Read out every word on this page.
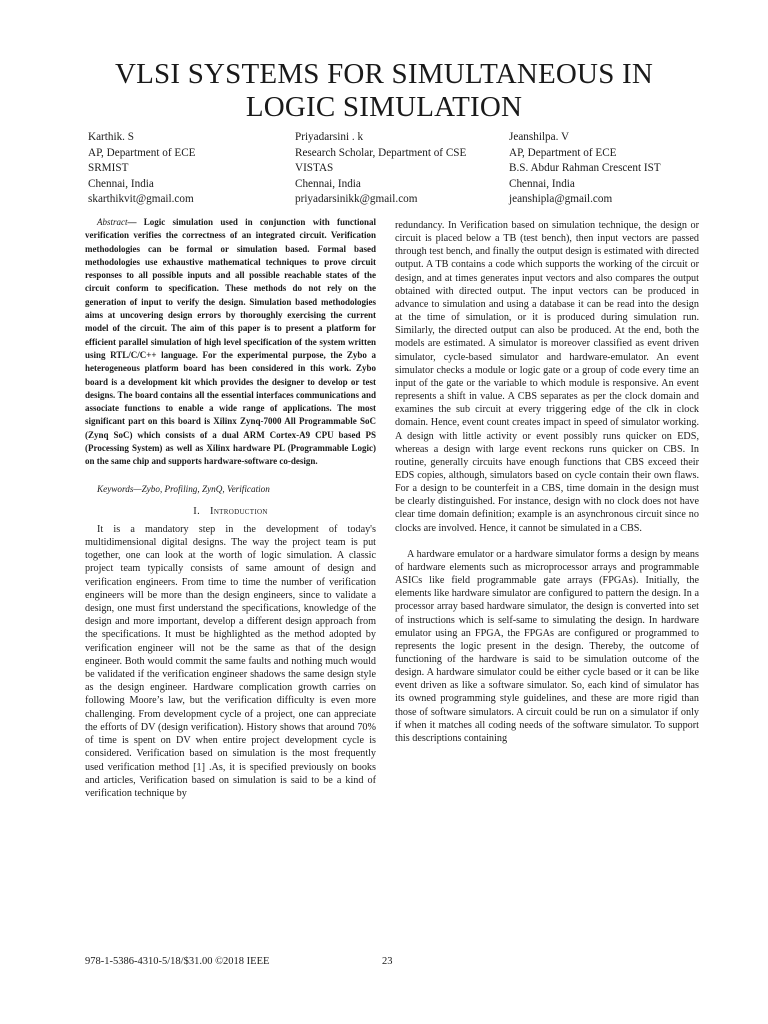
VLSI SYSTEMS FOR SIMULTANEOUS IN
LOGIC SIMULATION
Karthik. S
AP, Department of ECE
SRMIST
Chennai, India
skarthikvit@gmail.com
Priyadarsini . k
Research Scholar, Department of CSE
VISTAS
Chennai, India
priyadarsinikk@gmail.com
Jeanshilpa. V
AP, Department of ECE
B.S. Abdur Rahman Crescent IST
Chennai, India
jeanshipla@gmail.com

Abstract— Logic simulation used in conjunction with functional verification verifies the correctness of an integrated circuit. Verification methodologies can be formal or simulation based. Formal based methodologies use exhaustive mathematical techniques to prove circuit responses to all possible inputs and all possible reachable states of the circuit conform to specification. These methods do not rely on the generation of input to verify the design. Simulation based methodologies aims at uncovering design errors by thoroughly exercising the current model of the circuit. The aim of this paper is to present a platform for efficient parallel simulation of high level specification of the system written using RTL/C/C++ language. For the experimental purpose, the Zybo a heterogeneous platform board has been considered in this work. Zybo board is a development kit which provides the designer to develop or test designs. The board contains all the essential interfaces communications and associate functions to enable a wide range of applications. The most significant part on this board is Xilinx Zynq-7000 All Programmable SoC (Zynq SoC) which consists of a dual ARM Cortex-A9 CPU based PS (Processing System) as well as Xilinx hardware PL (Programmable Logic) on the same chip and supports hardware-software co-design.

Keywords—Zybo, Profiling, ZynQ, Verification

I. Introduction

It is a mandatory step in the development of today's multidimensional digital designs. The way the project team is put together, one can look at the worth of logic simulation. A classic project team typically consists of same amount of design and verification engineers. From time to time the number of verification engineers will be more than the design engineers, since to validate a design, one must first understand the specifications, knowledge of the design and more important, develop a different design approach from the specifications. It must be highlighted as the method adopted by verification engineer will not be the same as that of the design engineer. Both would commit the same faults and nothing much would be validated if the verification engineer shadows the same design style as the design engineer. Hardware complication growth carries on following Moore’s law, but the verification difficulty is even more challenging. From development cycle of a project, one can appreciate the efforts of DV (design verification). History shows that around 70% of time is spent on DV when entire project development cycle is considered. Verification based on simulation is the most frequently used verification method [1] .As, it is specified previously on books and articles, Verification based on simulation is said to be a kind of verification technique by

redundancy. In Verification based on simulation technique, the design or circuit is placed below a TB (test bench), then input vectors are passed through test bench, and finally the output design is estimated with directed output. A TB contains a code which supports the working of the circuit or design, and at times generates input vectors and also compares the output obtained with directed output. The input vectors can be produced in advance to simulation and using a database it can be read into the design at the time of simulation, or it is produced during simulation run. Similarly, the directed output can also be produced. At the end, both the models are estimated. A simulator is moreover classified as event driven simulator, cycle-based simulator and hardware-emulator. An event simulator checks a module or logic gate or a group of code every time an input of the gate or the variable to which module is responsive. An event represents a shift in value. A CBS separates as per the clock domain and examines the sub circuit at every triggering edge of the clk in clock domain. Hence, event count creates impact in speed of simulator working. A design with little activity or event possibly runs quicker on EDS, whereas a design with large event reckons runs quicker on CBS. In routine, generally circuits have enough functions that CBS exceed their EDS copies, although, simulators based on cycle contain their own flaws. For a design to be counterfeit in a CBS, time domain in the design must be clearly distinguished. For instance, design with no clock does not have clear time domain definition; example is an asynchronous circuit since no clocks are involved. Hence, it cannot be simulated in a CBS.

A hardware emulator or a hardware simulator forms a design by means of hardware elements such as microprocessor arrays and programmable ASICs like field programmable gate arrays (FPGAs). Initially, the elements like hardware simulator are configured to pattern the design. In a processor array based hardware simulator, the design is converted into set of instructions which is self-same to simulating the design. In hardware emulator using an FPGA, the FPGAs are configured or programmed to represents the logic present in the design. Thereby, the outcome of functioning of the hardware is said to be simulation outcome of the design. A hardware simulator could be either cycle based or it can be like event driven as like a software simulator. So, each kind of simulator has its owned programming style guidelines, and these are more rigid than those of software simulators. A circuit could be run on a simulator if only if when it matches all coding needs of the software simulator. To support this descriptions containing

978-1-5386-4310-5/18/$31.00 ©2018 IEEE	23
